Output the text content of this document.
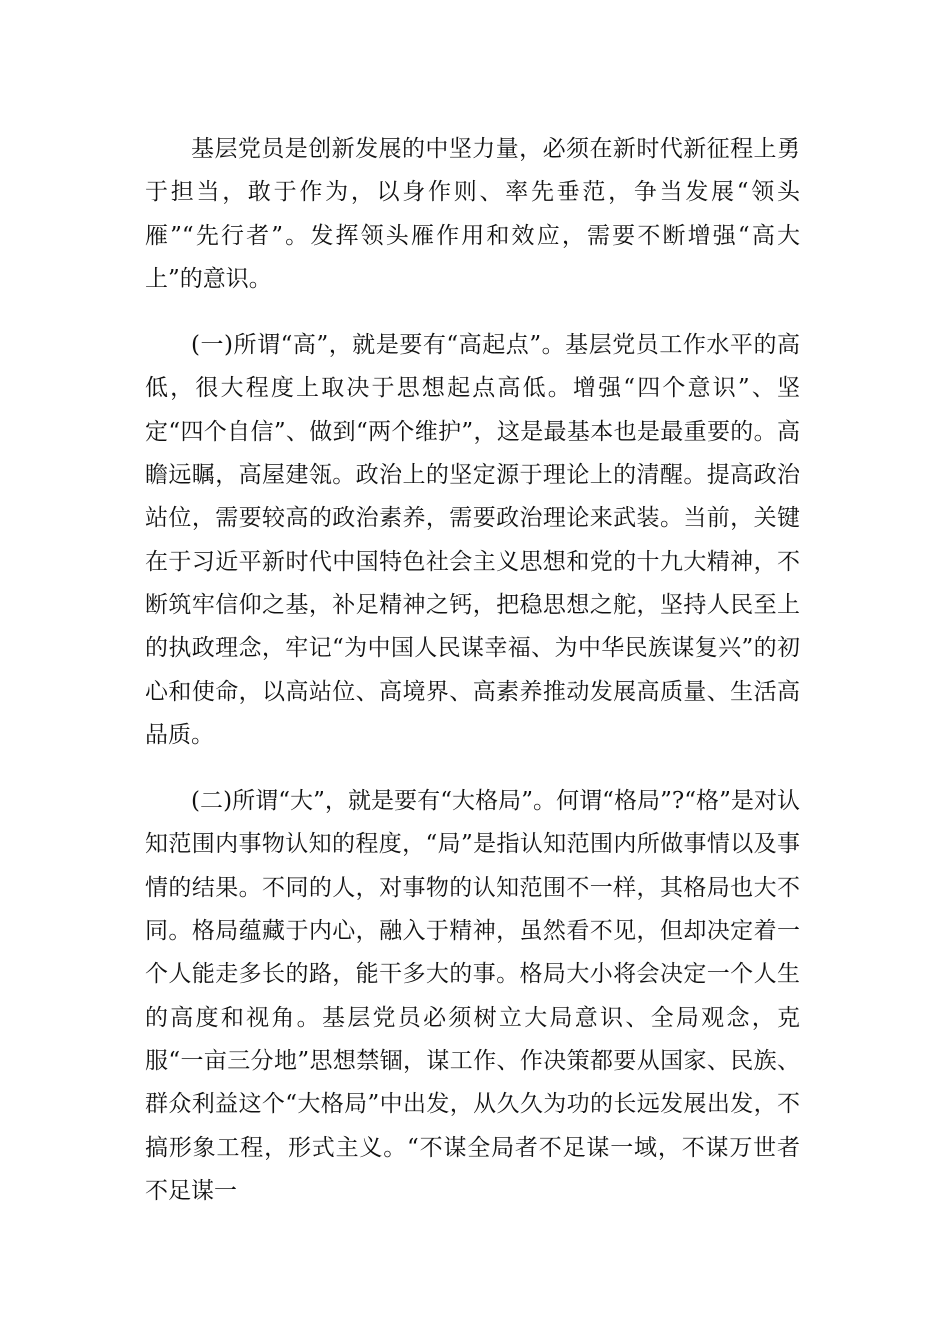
基层党员是创新发展的中坚力量，必须在新时代新征程上勇于担当，敢于作为，以身作则、率先垂范，争当发展“领头雁”“先行者”。发挥领头雁作用和效应，需要不断增强“高大上”的意识。

(一)所谓“高”，就是要有“高起点”。基层党员工作水平的高低，很大程度上取决于思想起点高低。增强“四个意识”、坚定“四个自信”、做到“两个维护”，这是最基本也是最重要的。高瞻远瞩，高屋建瓴。政治上的坚定源于理论上的清醒。提高政治站位，需要较高的政治素养，需要政治理论来武装。当前，关键在于习近平新时代中国特色社会主义思想和党的十九大精神，不断筑牢信仰之基，补足精神之钙，把稳思想之舵，坚持人民至上的执政理念，牢记“为中国人民谋幸福、为中华民族谋复兴”的初心和使命，以高站位、高境界、高素养推动发展高质量、生活高品质。

(二)所谓“大”，就是要有“大格局”。何谓“格局”?“格”是对认知范围内事物认知的程度，“局”是指认知范围内所做事情以及事情的结果。不同的人，对事物的认知范围不一样，其格局也大不同。格局蕴藏于内心，融入于精神，虽然看不见，但却决定着一个人能走多长的路，能干多大的事。格局大小将会决定一个人生的高度和视角。基层党员必须树立大局意识、全局观念，克服“一亩三分地”思想禁锢，谋工作、作决策都要从国家、民族、群众利益这个“大格局”中出发，从久久为功的长远发展出发，不搞形象工程，形式主义。“不谋全局者不足谋一域，不谋万世者不足谋一
